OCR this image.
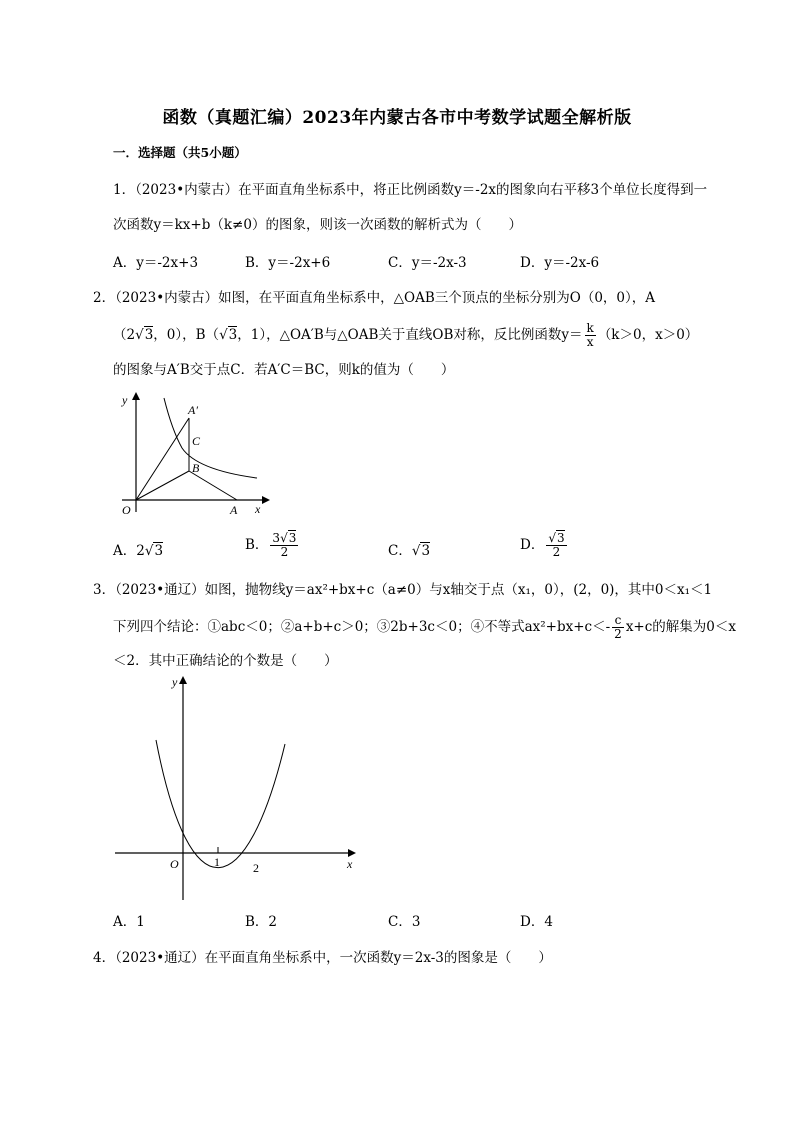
函数（真题汇编）2023年内蒙古各市中考数学试题全解析版
一．选择题（共5小题）
1．（2023•内蒙古）在平面直角坐标系中，将正比例函数y＝-2x的图象向右平移3个单位长度得到一
次函数y＝kx+b（k≠0）的图象，则该一次函数的解析式为（　　）
A．y＝-2x+3	B．y＝-2x+6	C．y＝-2x-3	D．y＝-2x-6
2．（2023•内蒙古）如图，在平面直角坐标系中，△OAB三个顶点的坐标分别为O（0，0），A
（2√3，0），B（√3，1），△OA′B与△OAB关于直线OB对称，反比例函数$y= \frac{k}{x} (k>0$，x＞0）
的图象与A′B交于点C．若A′C＝BC，则k的值为（　　）
y
x
O	A
A′
C
B
A．2√3	B． $\frac{3√3}{2}$	C．√3	D． $\frac{√3}{2}$
3．（2023•通辽）如图，抛物线y＝ax²+bx+c（a≠0）与x轴交于点（x₁，0），(2，0)，其中0＜x₁＜1
下列四个结论：①abc＜0；②a+b+c＞0；③2b+3c＜0；④不等式$ax^2+bx+c<- \frac{c}{2} x+c$的解集为0＜x
＜2．其中正确结论的个数是（　　）
y
x
O	1	2
A．1	B．2	C．3	D．4
4．（2023•通辽）在平面直角坐标系中，一次函数y＝2x-3的图象是（　　）
